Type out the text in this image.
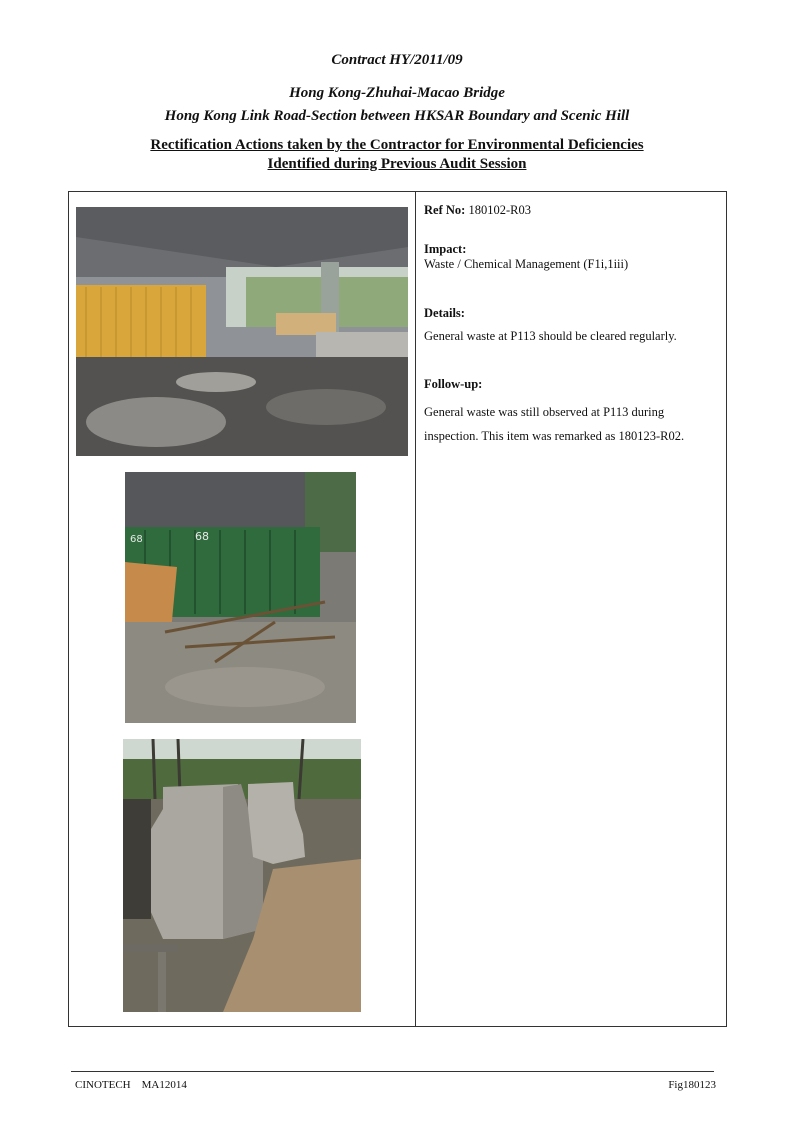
Contract HY/2011/09
Hong Kong-Zhuhai-Macao Bridge
Hong Kong Link Road-Section between HKSAR Boundary and Scenic Hill
Rectification Actions taken by the Contractor for Environmental Deficiencies
Identified during Previous Audit Session
68
68
Ref No: 180102-R03
Impact:
Waste / Chemical Management (F1i,1iii)
Details:
General waste at P113 should be cleared regularly.
Follow-up:
General waste was still observed at P113 during inspection. This item was remarked as 180123-R02.
CINOTECH MA12014	Fig180123
